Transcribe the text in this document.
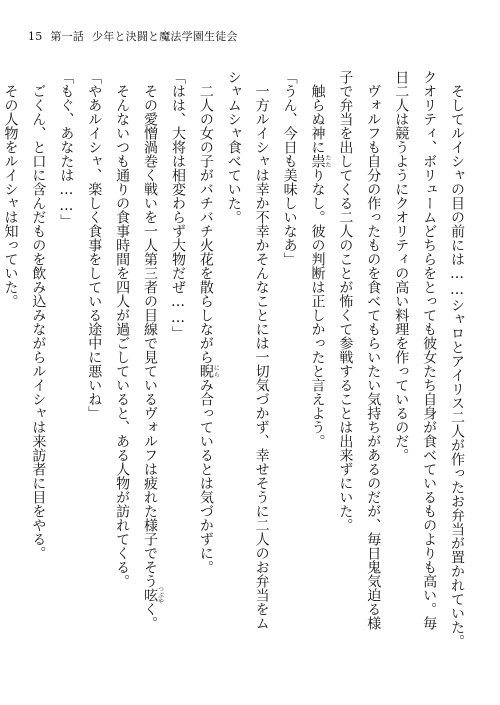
15 第一話 少年と決闘と魔法学園生徒会
　そしてルイシャの目の前には……シャロとアイリス二人が作ったお弁当が置かれていた。
クオリティ、ボリュームどちらをとっても彼女たち自身が食べているものよりも高い。毎
日二人は競うようにクオリティの高い料理を作っているのだ。
　ヴォルフも自分の作ったものを食べてもらいたい気持ちがあるのだが、毎日鬼気迫る様
子で弁当を出してくる二人のことが怖くて参戦することは出来ずにいた。
　触らぬ神に祟たたりなし。彼の判断は正しかったと言えよう。
「うん、今日も美味しいなあ」
　一方ルイシャは幸か不幸かそんなことには一切気づかず、幸せそうに二人のお弁当をム
シャムシャ食べていた。
　二人の女の子がバチバチ火花を散らしながら睨にらみ合っているとは気づかずに。
「はは、大将は相変わらず大物だぜ……」
　その愛憎渦巻く戦いを一人第三者の目線で見ているヴォルフは疲れた様子でそう呟つぶやく。
　そんないつも通りの食事時間を四人が過ごしていると、ある人物が訪れてくる。
「やあルイシャ、楽しく食事をしている途中に悪いね」
「もぐ、あなたは……」
　ごくん、と口に含んだものを飲み込みながらルイシャは来訪者に目をやる。
　その人物をルイシャは知っていた。
